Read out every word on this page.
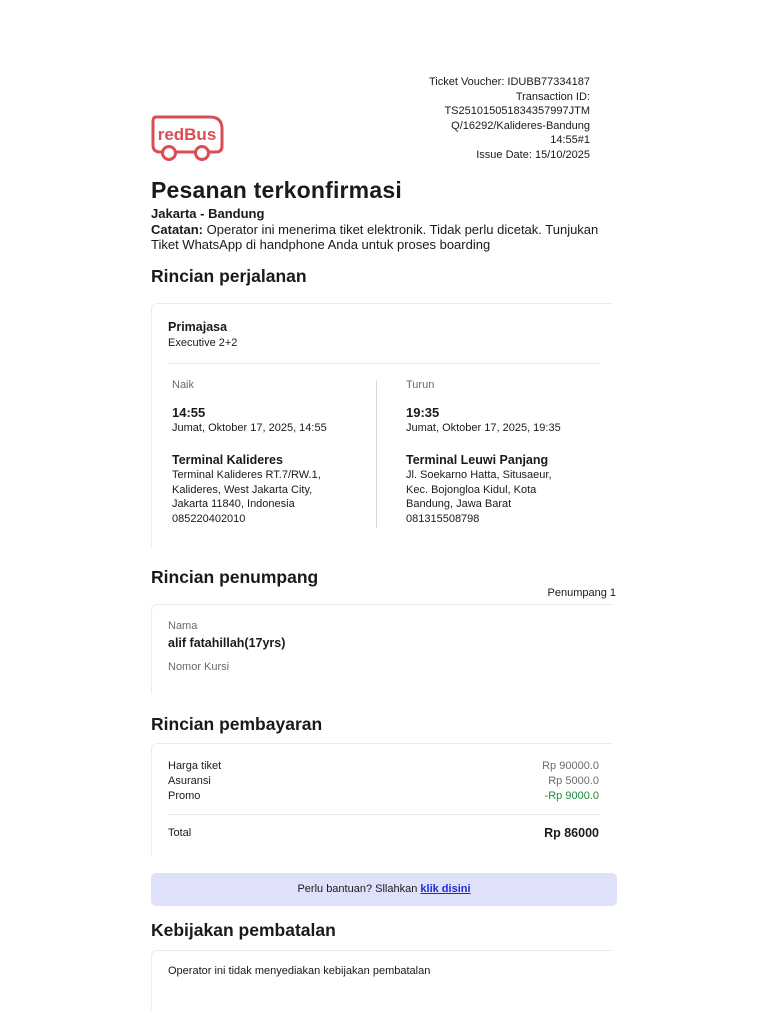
Ticket Voucher: IDUBB77334187
Transaction ID:
TS251015051834357997JTM
Q/16292/Kalideres-Bandung
14:55#1
Issue Date: 15/10/2025
redBus
Pesanan terkonfirmasi
Jakarta - Bandung
Catatan: Operator ini menerima tiket elektronik. Tidak perlu dicetak. Tunjukan Tiket WhatsApp di handphone Anda untuk proses boarding
Rincian perjalanan
Primajasa
Executive 2+2
Naik
14:55
Jumat, Oktober 17, 2025, 14:55
Terminal Kalideres
Terminal Kalideres RT.7/RW.1,
Kalideres, West Jakarta City,
Jakarta 11840, Indonesia
085220402010
Turun
19:35
Jumat, Oktober 17, 2025, 19:35
Terminal Leuwi Panjang
Jl. Soekarno Hatta, Situsaeur,
Kec. Bojongloa Kidul, Kota
Bandung, Jawa Barat
081315508798
Rincian penumpang
Penumpang 1
Nama
alif fatahillah(17yrs)
Nomor Kursi
Rincian pembayaran
Harga tiket	Rp 90000.0
Asuransi	Rp 5000.0
Promo	-Rp 9000.0
Total	Rp 86000
Perlu bantuan? Sllahkan klik disini
Kebijakan pembatalan
Operator ini tidak menyediakan kebijakan pembatalan
